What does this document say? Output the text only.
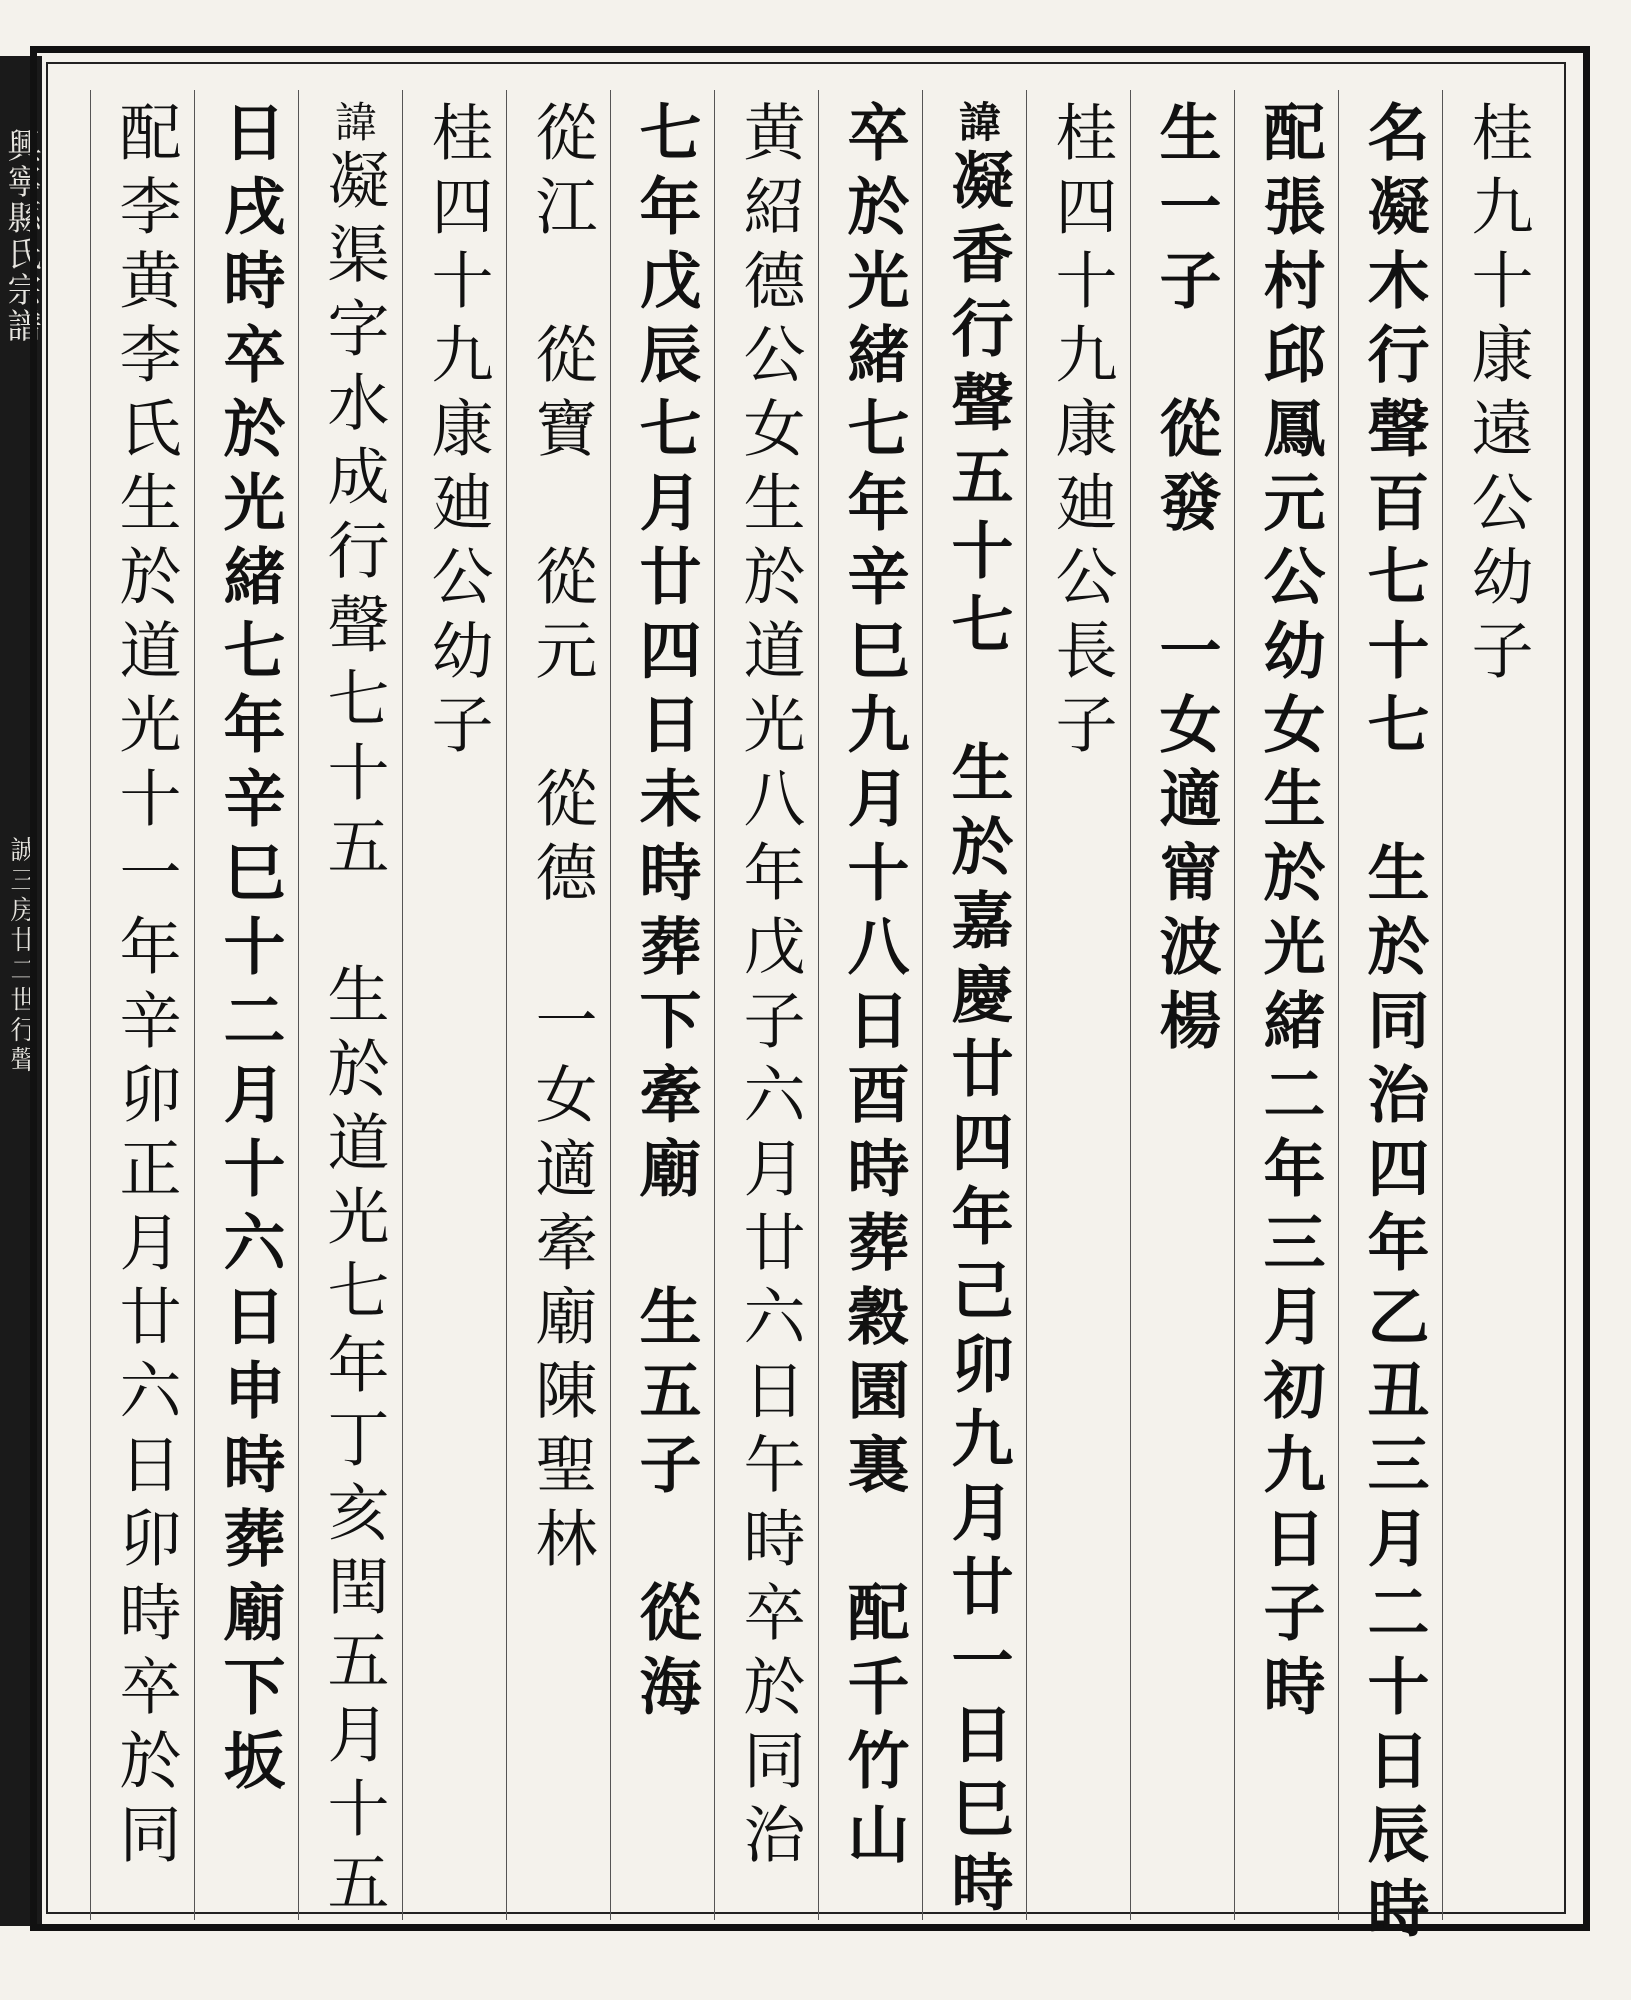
興寧縣氏宗譜
誠三房廿二世行聲
桂九十康遠公幼子
名凝木行聲百七十七　生於同治四年乙丑三月二十日辰時
配張村邱鳳元公幼女生於光緒二年三月初九日子時
生一子　從發　一女適甯波楊
桂四十九康廸公長子
諱凝香行聲五十七　生於嘉慶廿四年己卯九月廿一日巳時
卒於光緒七年辛巳九月十八日酉時葬穀園裏　配千竹山
黄紹德公女生於道光八年戊子六月廿六日午時卒於同治
七年戊辰七月廿四日未時葬下牽廟　生五子　從海
從江　從寶　從元　從德　一女適牽廟陳聖林
桂四十九康廸公幼子
諱凝渠字水成行聲七十五　生於道光七年丁亥閏五月十五
日戌時卒於光緒七年辛巳十二月十六日申時葬廟下坂
配李黄李氏生於道光十一年辛卯正月廿六日卯時卒於同
